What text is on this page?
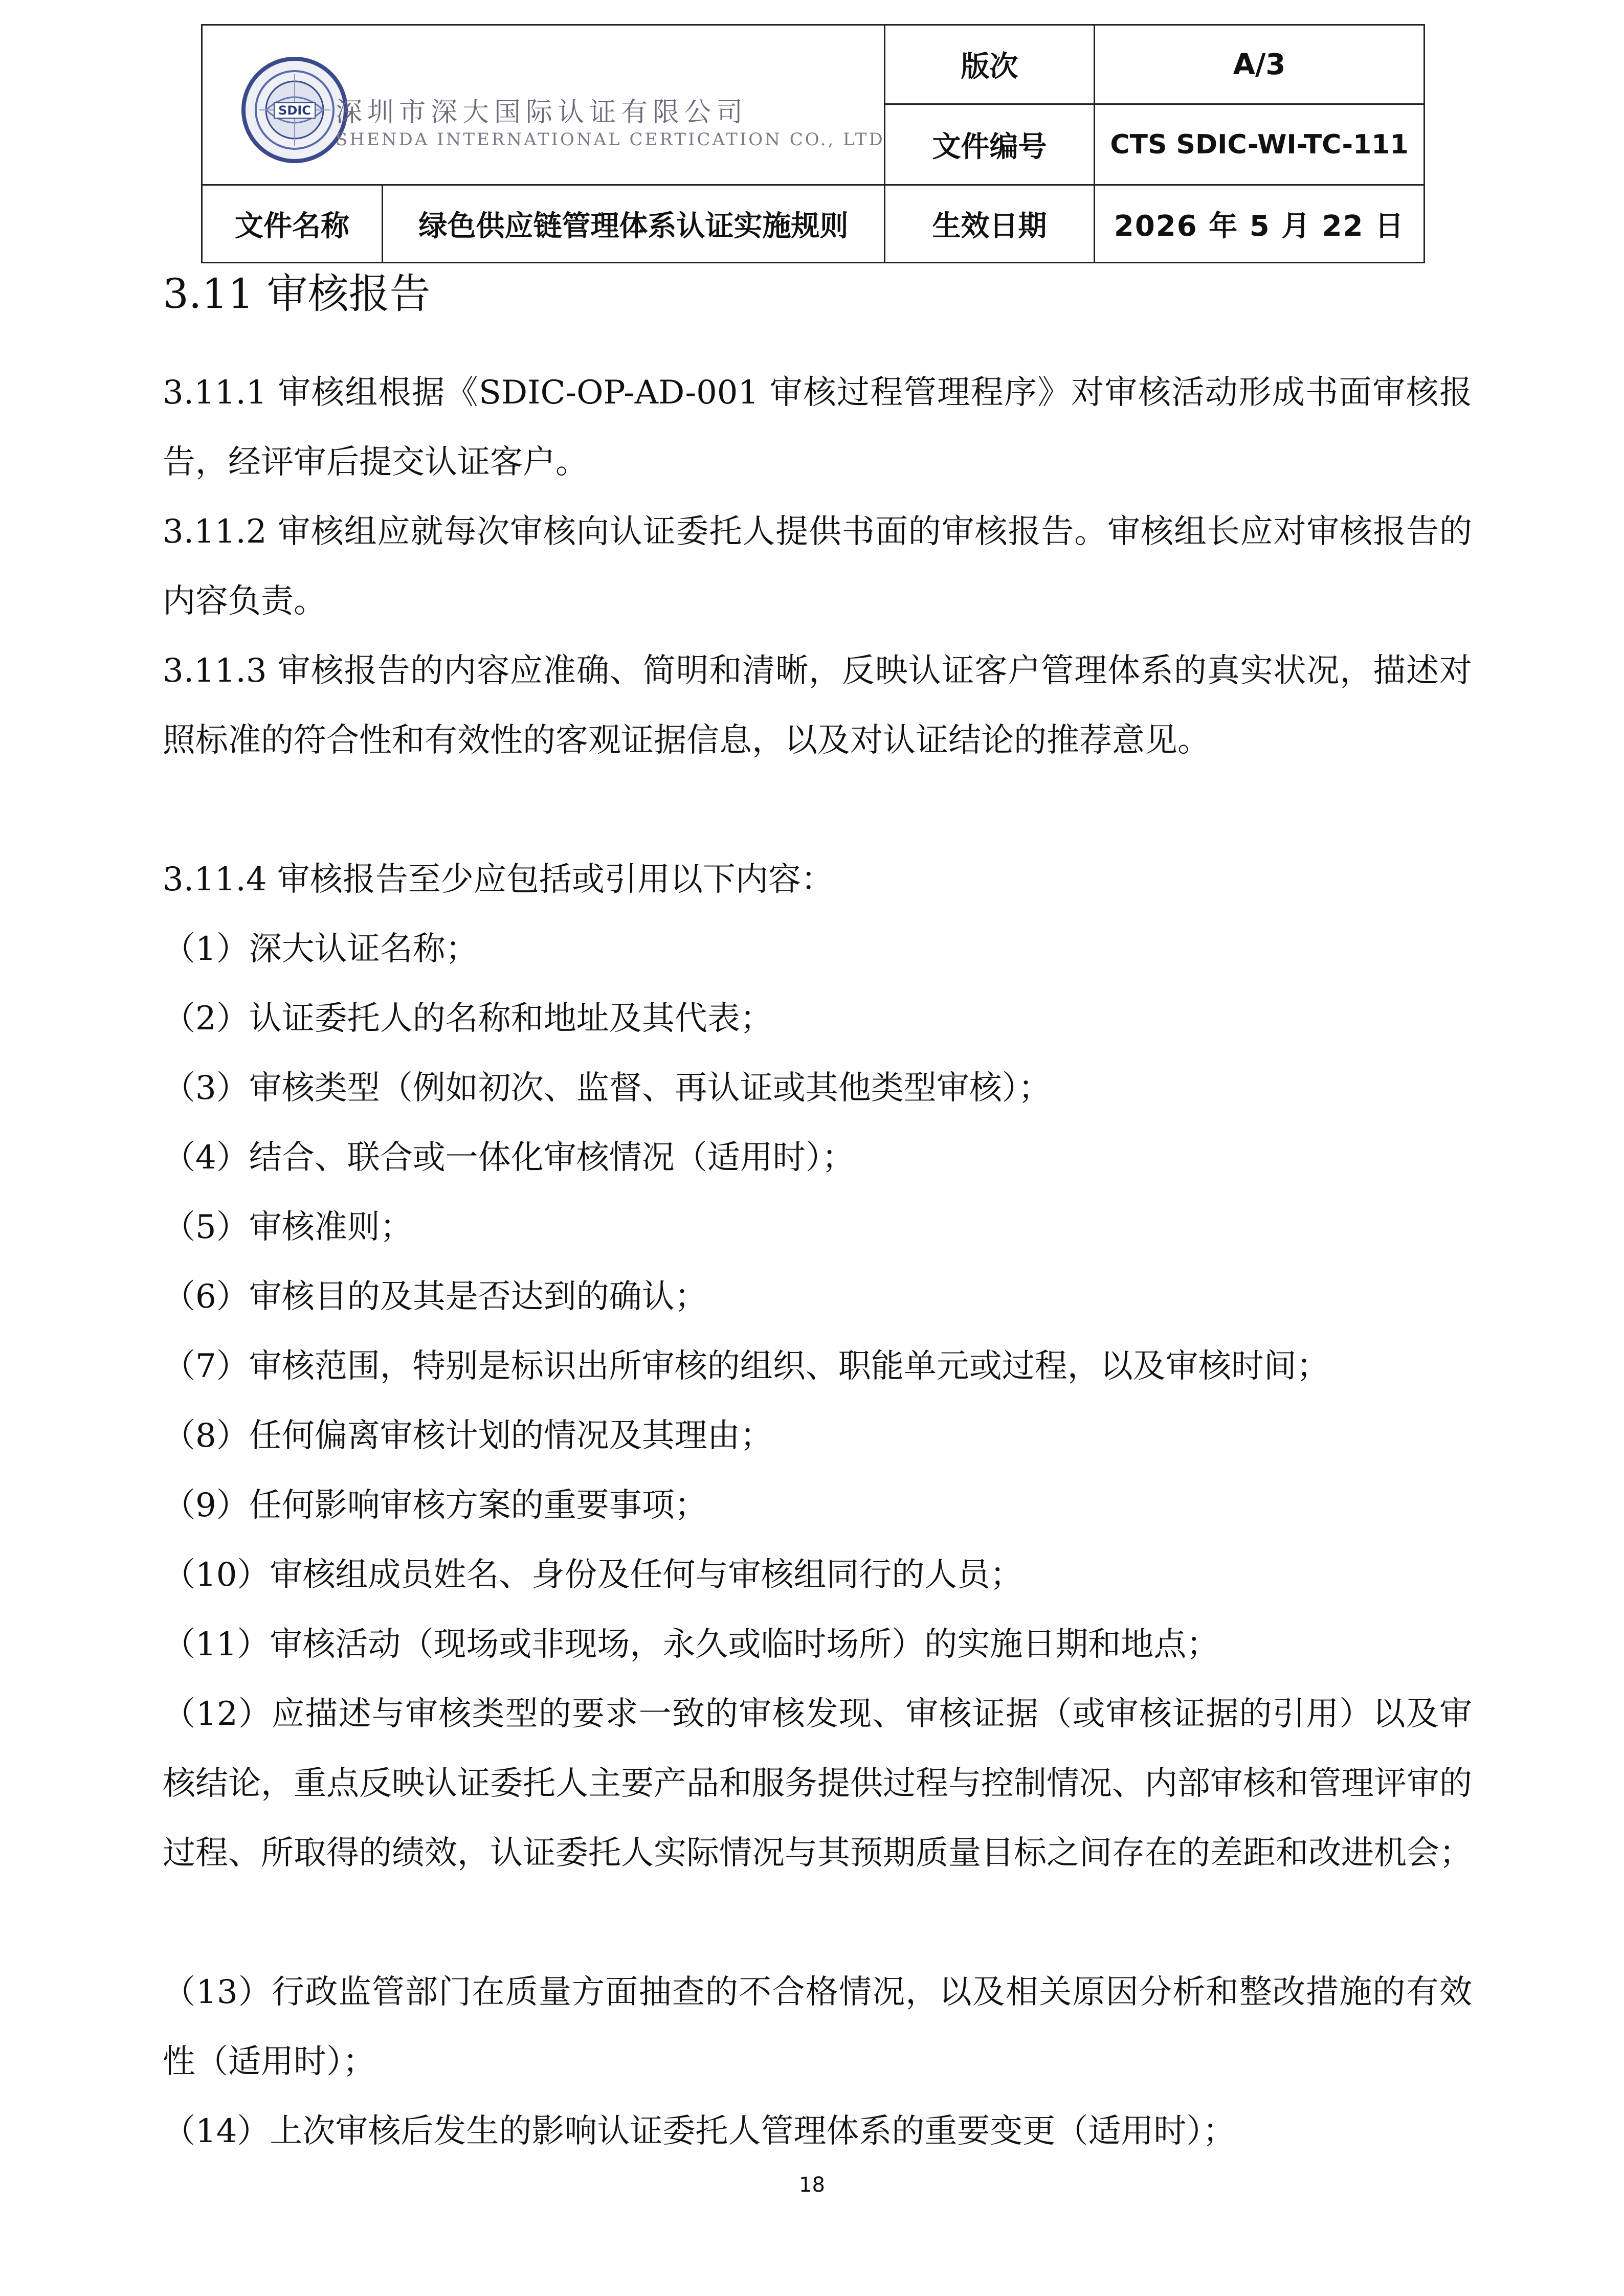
SDIC 深圳市深大国际认证有限公司
SHENDA INTERNATIONAL CERTICATION CO., LTD
版次	A/3
文件编号	CTS SDIC-WI-TC-111
文件名称	绿色供应链管理体系认证实施规则	生效日期	2026 年 5 月 22 日
3.11 审核报告
3.11.1 审核组根据《SDIC-OP-AD-001 审核过程管理程序》对审核活动形成书面审核报告，经评审后提交认证客户。
3.11.2 审核组应就每次审核向认证委托人提供书面的审核报告。审核组长应对审核报告的内容负责。
3.11.3 审核报告的内容应准确、简明和清晰，反映认证客户管理体系的真实状况，描述对照标准的符合性和有效性的客观证据信息，以及对认证结论的推荐意见。
3.11.4 审核报告至少应包括或引用以下内容：
（1）深大认证名称；
（2）认证委托人的名称和地址及其代表；
（3）审核类型（例如初次、监督、再认证或其他类型审核）；
（4）结合、联合或一体化审核情况（适用时）；
（5）审核准则；
（6）审核目的及其是否达到的确认；
（7）审核范围，特别是标识出所审核的组织、职能单元或过程，以及审核时间；
（8）任何偏离审核计划的情况及其理由；
（9）任何影响审核方案的重要事项；
（10）审核组成员姓名、身份及任何与审核组同行的人员；
（11）审核活动（现场或非现场，永久或临时场所）的实施日期和地点；
（12）应描述与审核类型的要求一致的审核发现、审核证据（或审核证据的引用）以及审核结论，重点反映认证委托人主要产品和服务提供过程与控制情况、内部审核和管理评审的过程、所取得的绩效，认证委托人实际情况与其预期质量目标之间存在的差距和改进机会；
（13）行政监管部门在质量方面抽查的不合格情况，以及相关原因分析和整改措施的有效性（适用时）；
（14）上次审核后发生的影响认证委托人管理体系的重要变更（适用时）；
18
